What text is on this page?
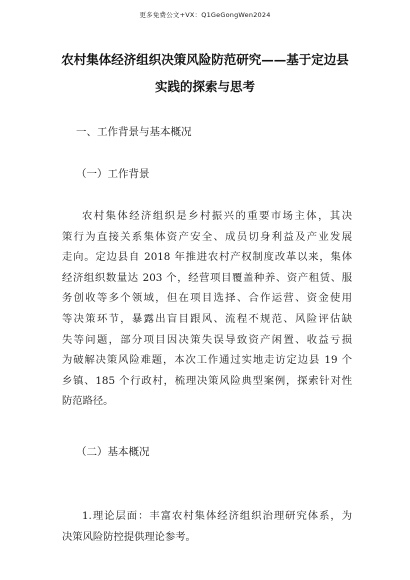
更多免费公文+VX：Q1GeGongWen2024
农村集体经济组织决策风险防范研究——基于定边县
实践的探索与思考

一、工作背景与基本概况

（一）工作背景

农村集体经济组织是乡村振兴的重要市场主体，其决
策行为直接关系集体资产安全、成员切身利益及产业发展
走向。定边县自 2018 年推进农村产权制度改革以来，集体
经济组织数量达 203 个，经营项目覆盖种养、资产租赁、服
务创收等多个领域，但在项目选择、合作运营、资金使用
等决策环节，暴露出盲目跟风、流程不规范、风险评估缺
失等问题，部分项目因决策失误导致资产闲置、收益亏损
为破解决策风险难题，本次工作通过实地走访定边县 19 个
乡镇、185 个行政村，梳理决策风险典型案例，探索针对性
防范路径。

（二）基本概况

1.理论层面：丰富农村集体经济组织治理研究体系，为
决策风险防控提供理论参考。
